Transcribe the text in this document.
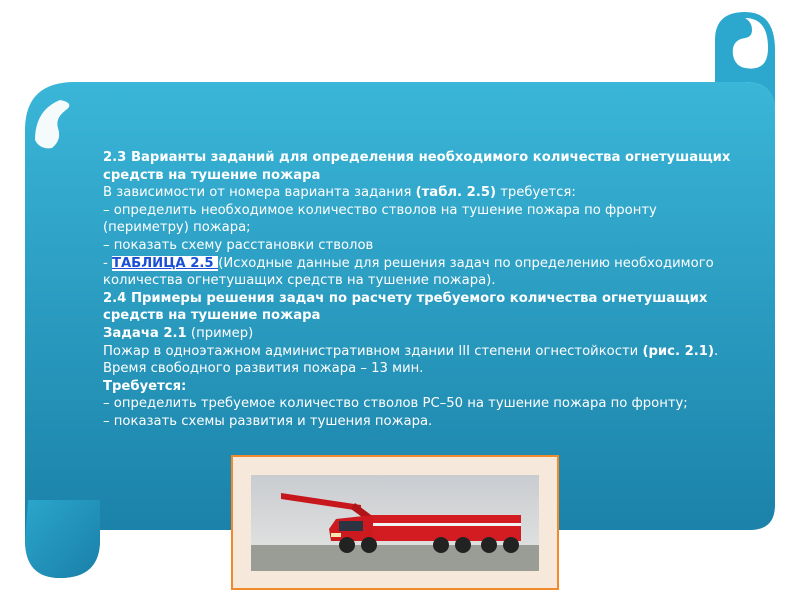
2.3 Варианты заданий для определения необходимого количества огнетушащих средств на тушение пожара

В зависимости от номера варианта задания (табл. 2.5) требуется:

– определить необходимое количество стволов на тушение пожара по фронту (периметру) пожара;

– показать схему расстановки стволов

- ТАБЛИЦА 2.5 (Исходные данные для решения задач по определению необходимого количества огнетушащих средств на тушение пожара).

2.4 Примеры решения задач по расчету требуемого количества огнетушащих средств на тушение пожара

Задача 2.1 (пример)

Пожар в одноэтажном административном здании III степени огнестойкости (рис. 2.1).

Время свободного развития пожара – 13 мин.

Требуется:

– определить требуемое количество стволов РС–50 на тушение пожара по фронту;

– показать схемы развития и тушения пожара.
